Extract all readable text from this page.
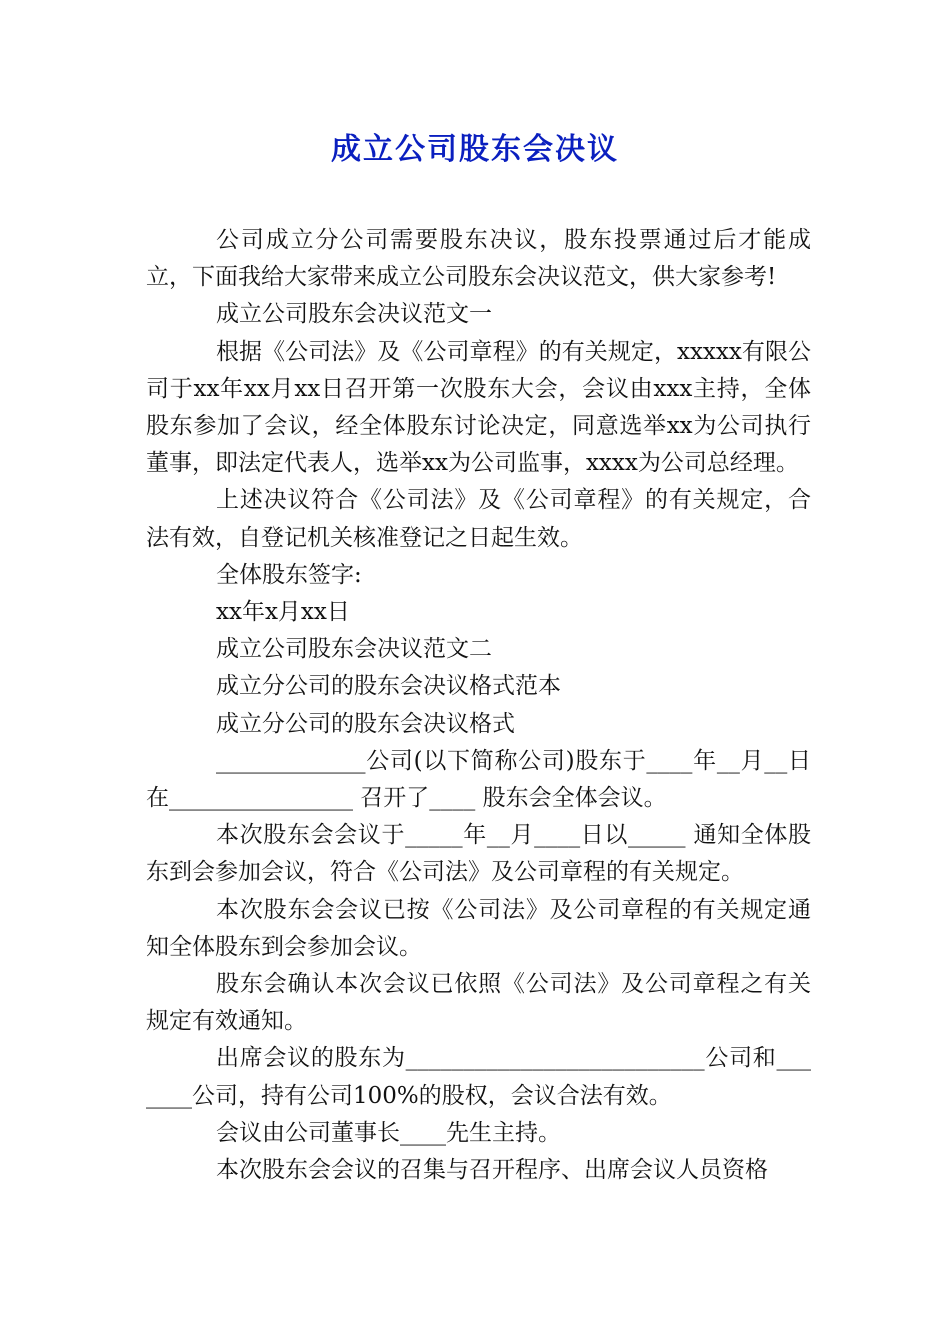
成立公司股东会决议

公司成立分公司需要股东决议，股东投票通过后才能成立，下面我给大家带来成立公司股东会决议范文，供大家参考!

成立公司股东会决议范文一

根据《公司法》及《公司章程》的有关规定，xxxxx有限公司于xx年xx月xx日召开第一次股东大会，会议由xxx主持，全体股东参加了会议，经全体股东讨论决定，同意选举xx为公司执行董事，即法定代表人，选举xx为公司监事，xxxx为公司总经理。

上述决议符合《公司法》及《公司章程》的有关规定，合法有效，自登记机关核准登记之日起生效。

全体股东签字:

xx年x月xx日

成立公司股东会决议范文二

成立分公司的股东会决议格式范本

成立分公司的股东会决议格式

_____________公司(以下简称公司)股东于____年__月__日在________________ 召开了____ 股东会全体会议。

本次股东会会议于_____年__月____日以_____ 通知全体股东到会参加会议，符合《公司法》及公司章程的有关规定。

本次股东会会议已按《公司法》及公司章程的有关规定通知全体股东到会参加会议。

股东会确认本次会议已依照《公司法》及公司章程之有关规定有效通知。

出席会议的股东为__________________________公司和_______公司，持有公司100%的股权，会议合法有效。

会议由公司董事长____先生主持。

本次股东会会议的召集与召开程序、出席会议人员资格
